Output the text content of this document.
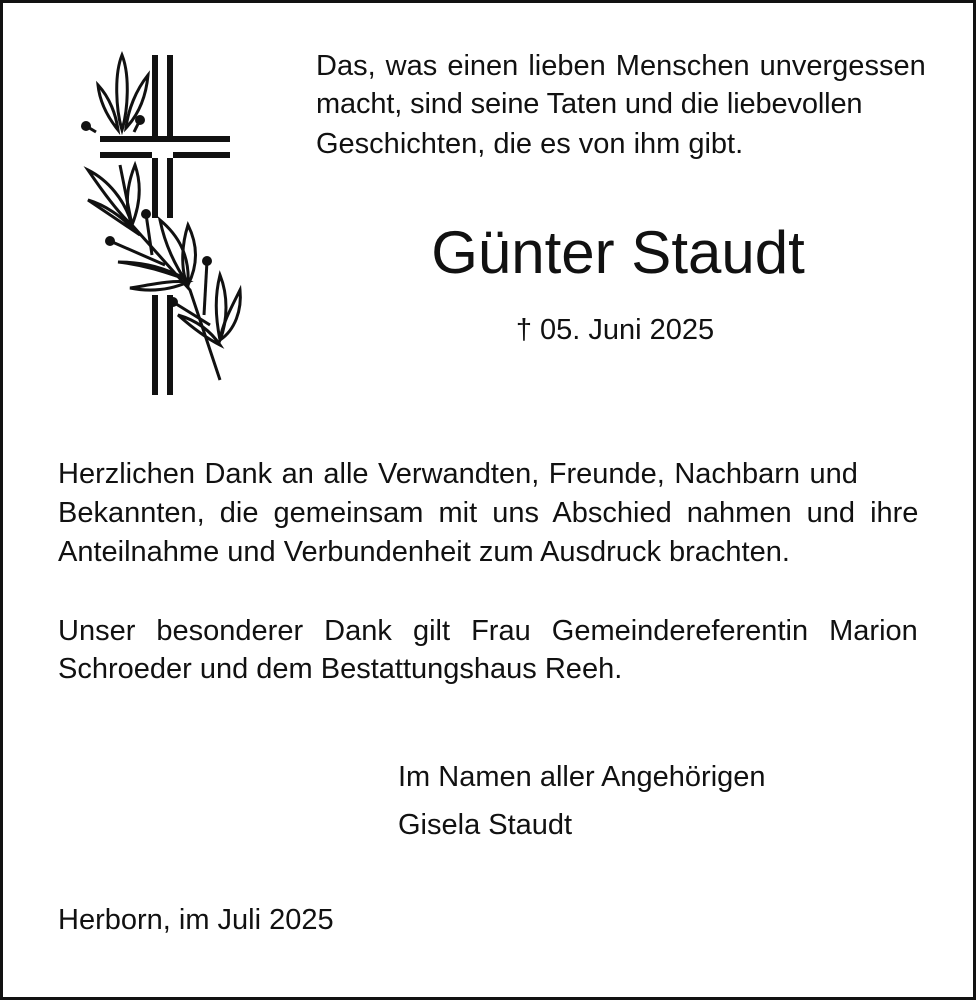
Das, was einen lieben Menschen unvergessen
macht, sind seine Taten und die liebevollen
Geschichten, die es von ihm gibt.
Günter Staudt
† 05. Juni 2025
Herzlichen Dank an alle Verwandten, Freunde, Nachbarn und
Bekannten, die gemeinsam mit uns Abschied nahmen und ihre
Anteilnahme und Verbundenheit zum Ausdruck brachten.
Unser besonderer Dank gilt Frau Gemeindereferentin Marion
Schroeder und dem Bestattungshaus Reeh.
Im Namen aller Angehörigen
Gisela Staudt
Herborn, im Juli 2025
